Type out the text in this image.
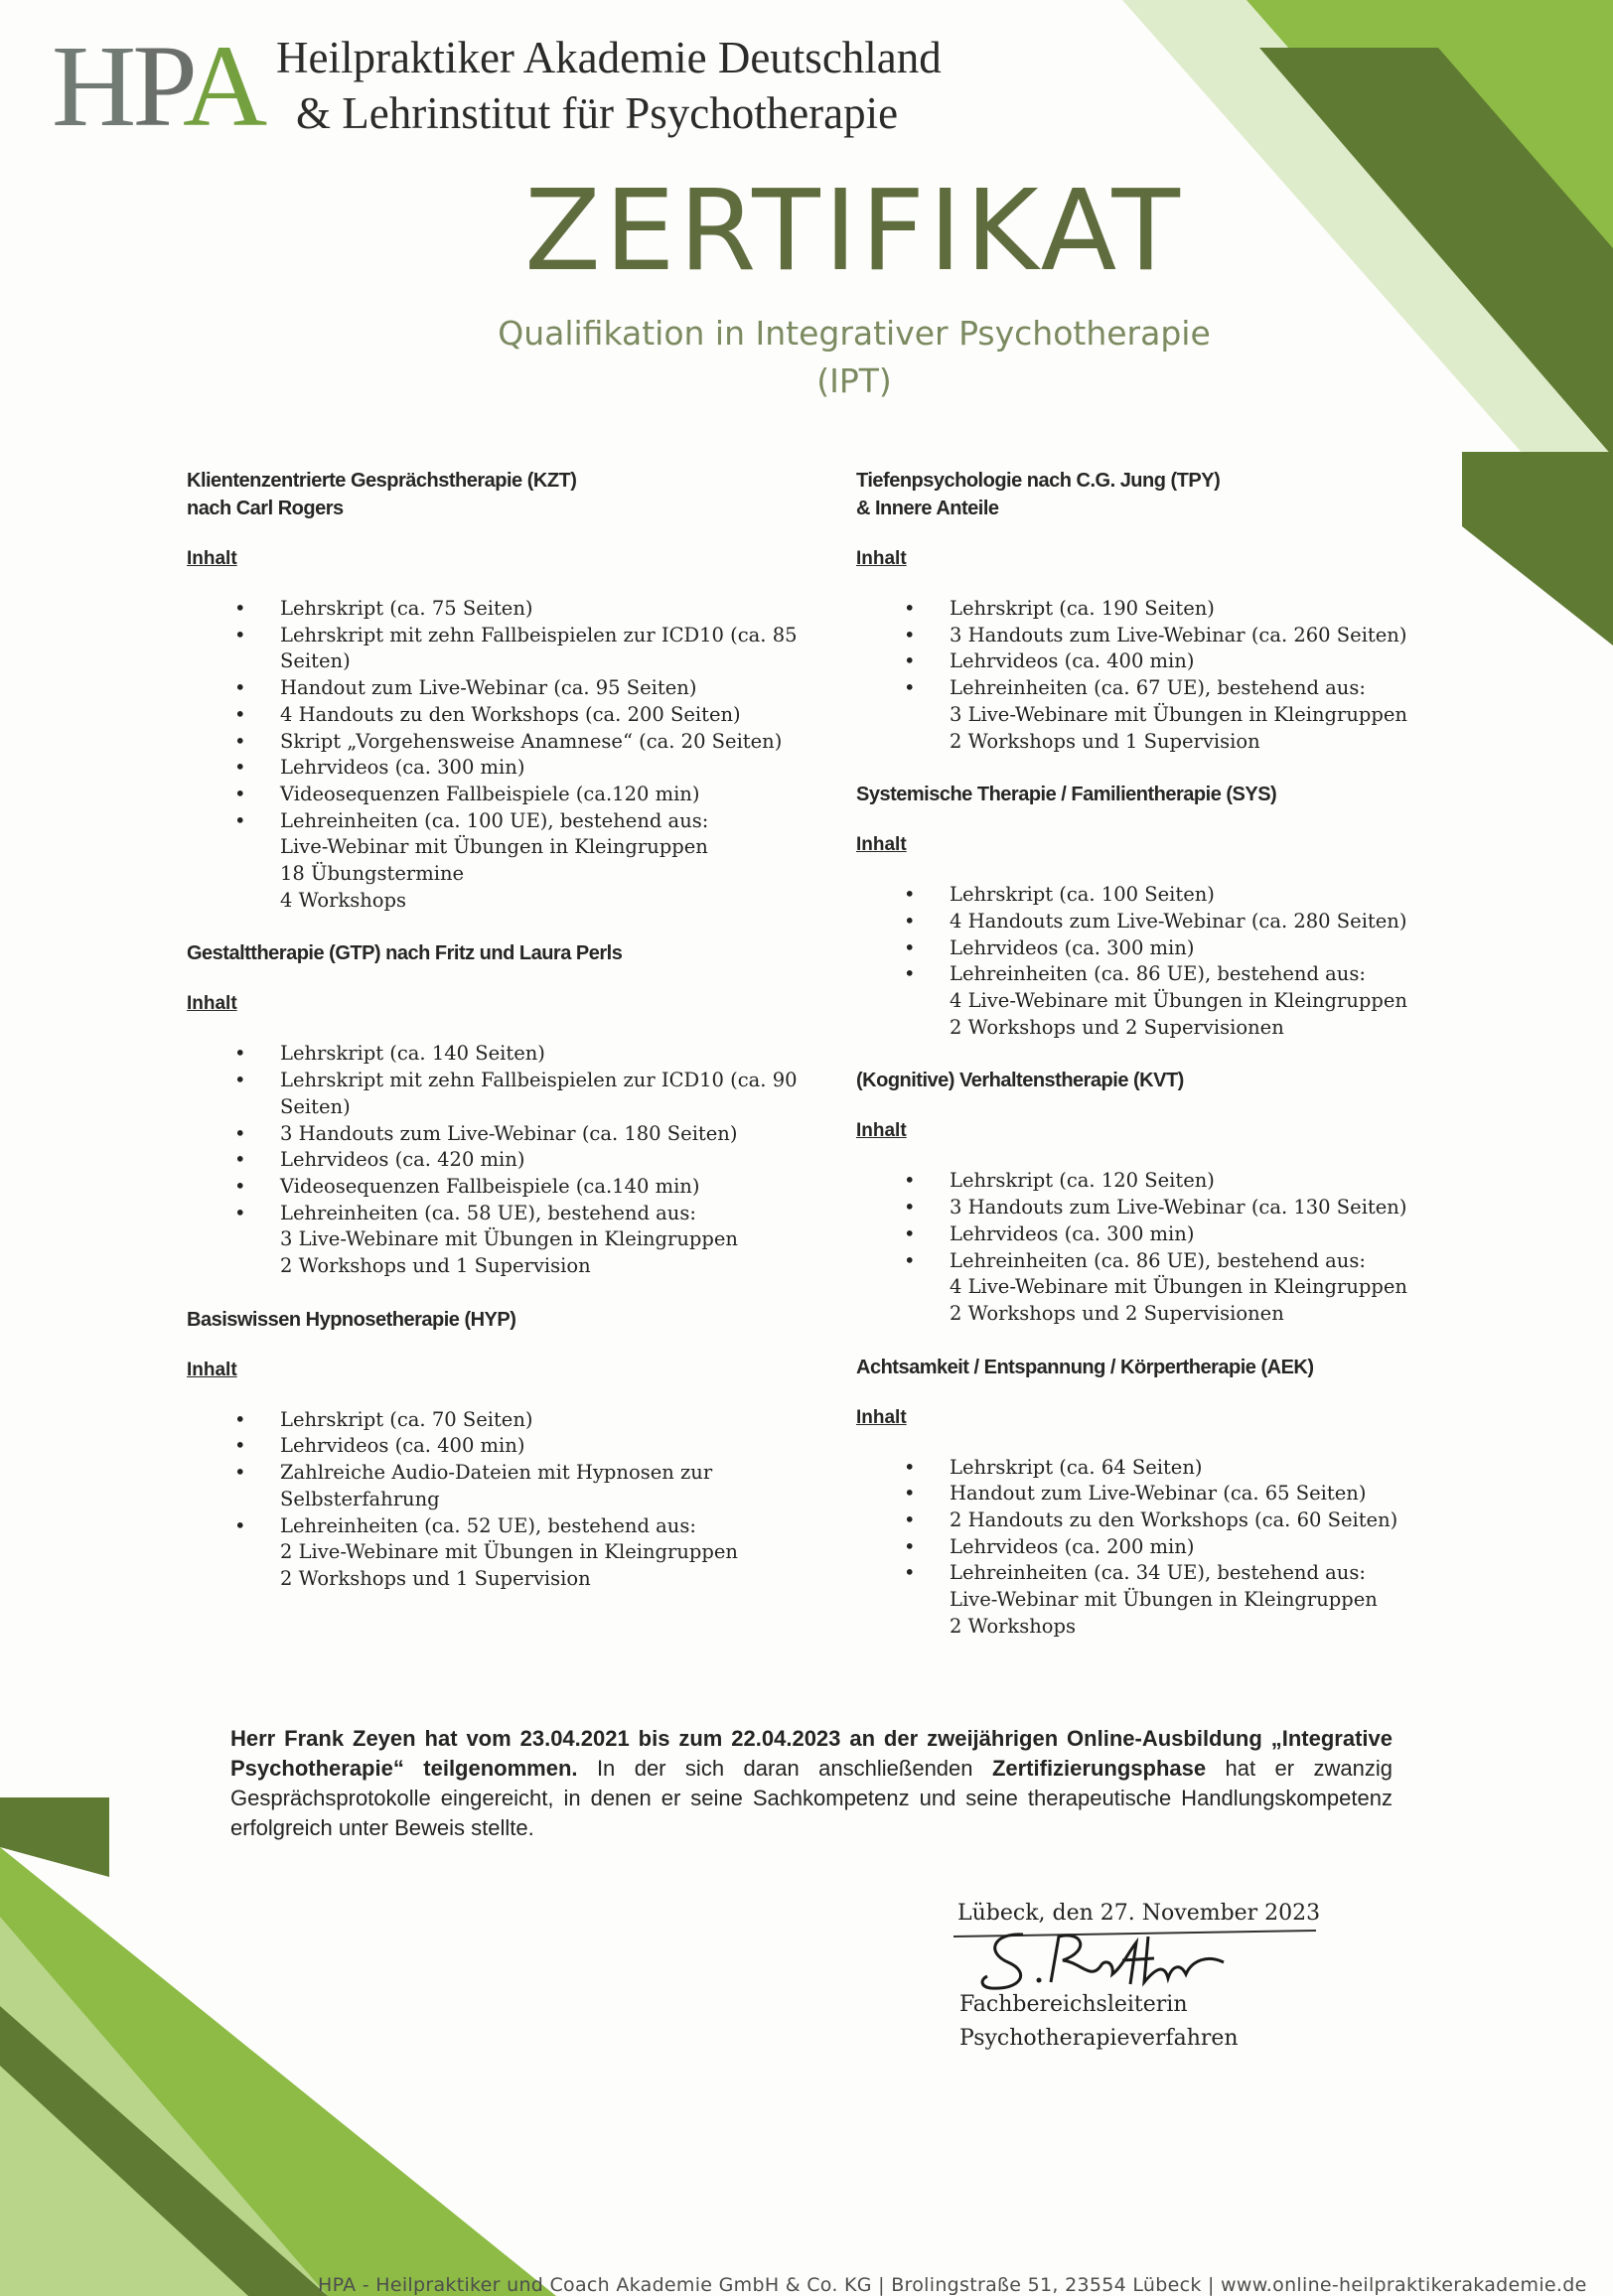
HPA Heilpraktiker Akademie Deutschland
& Lehrinstitut für Psychotherapie
ZERTIFIKAT
Qualifikation in Integrativer Psychotherapie
(IPT)
Klientenzentrierte Gesprächstherapie (KZT)
nach Carl Rogers
Inhalt
• Lehrskript (ca. 75 Seiten)
• Lehrskript mit zehn Fallbeispielen zur ICD10 (ca. 85
Seiten)
• Handout zum Live-Webinar (ca. 95 Seiten)
• 4 Handouts zu den Workshops (ca. 200 Seiten)
• Skript „Vorgehensweise Anamnese“ (ca. 20 Seiten)
• Lehrvideos (ca. 300 min)
• Videosequenzen Fallbeispiele (ca.120 min)
• Lehreinheiten (ca. 100 UE), bestehend aus:
Live-Webinar mit Übungen in Kleingruppen
18 Übungstermine
4 Workshops
Gestalttherapie (GTP) nach Fritz und Laura Perls
Inhalt
• Lehrskript (ca. 140 Seiten)
• Lehrskript mit zehn Fallbeispielen zur ICD10 (ca. 90
Seiten)
• 3 Handouts zum Live-Webinar (ca. 180 Seiten)
• Lehrvideos (ca. 420 min)
• Videosequenzen Fallbeispiele (ca.140 min)
• Lehreinheiten (ca. 58 UE), bestehend aus:
3 Live-Webinare mit Übungen in Kleingruppen
2 Workshops und 1 Supervision
Basiswissen Hypnosetherapie (HYP)
Inhalt
• Lehrskript (ca. 70 Seiten)
• Lehrvideos (ca. 400 min)
• Zahlreiche Audio-Dateien mit Hypnosen zur
Selbsterfahrung
• Lehreinheiten (ca. 52 UE), bestehend aus:
2 Live-Webinare mit Übungen in Kleingruppen
2 Workshops und 1 Supervision
Tiefenpsychologie nach C.G. Jung (TPY)
& Innere Anteile
Inhalt
• Lehrskript (ca. 190 Seiten)
• 3 Handouts zum Live-Webinar (ca. 260 Seiten)
• Lehrvideos (ca. 400 min)
• Lehreinheiten (ca. 67 UE), bestehend aus:
3 Live-Webinare mit Übungen in Kleingruppen
2 Workshops und 1 Supervision
Systemische Therapie / Familientherapie (SYS)
Inhalt
• Lehrskript (ca. 100 Seiten)
• 4 Handouts zum Live-Webinar (ca. 280 Seiten)
• Lehrvideos (ca. 300 min)
• Lehreinheiten (ca. 86 UE), bestehend aus:
4 Live-Webinare mit Übungen in Kleingruppen
2 Workshops und 2 Supervisionen
(Kognitive) Verhaltenstherapie (KVT)
Inhalt
• Lehrskript (ca. 120 Seiten)
• 3 Handouts zum Live-Webinar (ca. 130 Seiten)
• Lehrvideos (ca. 300 min)
• Lehreinheiten (ca. 86 UE), bestehend aus:
4 Live-Webinare mit Übungen in Kleingruppen
2 Workshops und 2 Supervisionen
Achtsamkeit / Entspannung / Körpertherapie (AEK)
Inhalt
• Lehrskript (ca. 64 Seiten)
• Handout zum Live-Webinar (ca. 65 Seiten)
• 2 Handouts zu den Workshops (ca. 60 Seiten)
• Lehrvideos (ca. 200 min)
• Lehreinheiten (ca. 34 UE), bestehend aus:
Live-Webinar mit Übungen in Kleingruppen
2 Workshops
Herr Frank Zeyen hat vom 23.04.2021 bis zum 22.04.2023 an der zweijährigen Online-Ausbildung „Integrative Psychotherapie“ teilgenommen. In der sich daran anschließenden Zertifizierungsphase hat er zwanzig Gesprächsprotokolle eingereicht, in denen er seine Sachkompetenz und seine therapeutische Handlungskompetenz erfolgreich unter Beweis stellte.
Lübeck, den 27. November 2023
Fachbereichsleiterin
Psychotherapieverfahren
HPA - Heilpraktiker und Coach Akademie GmbH & Co. KG | Brolingstraße 51, 23554 Lübeck | www.online-heilpraktikerakademie.de
